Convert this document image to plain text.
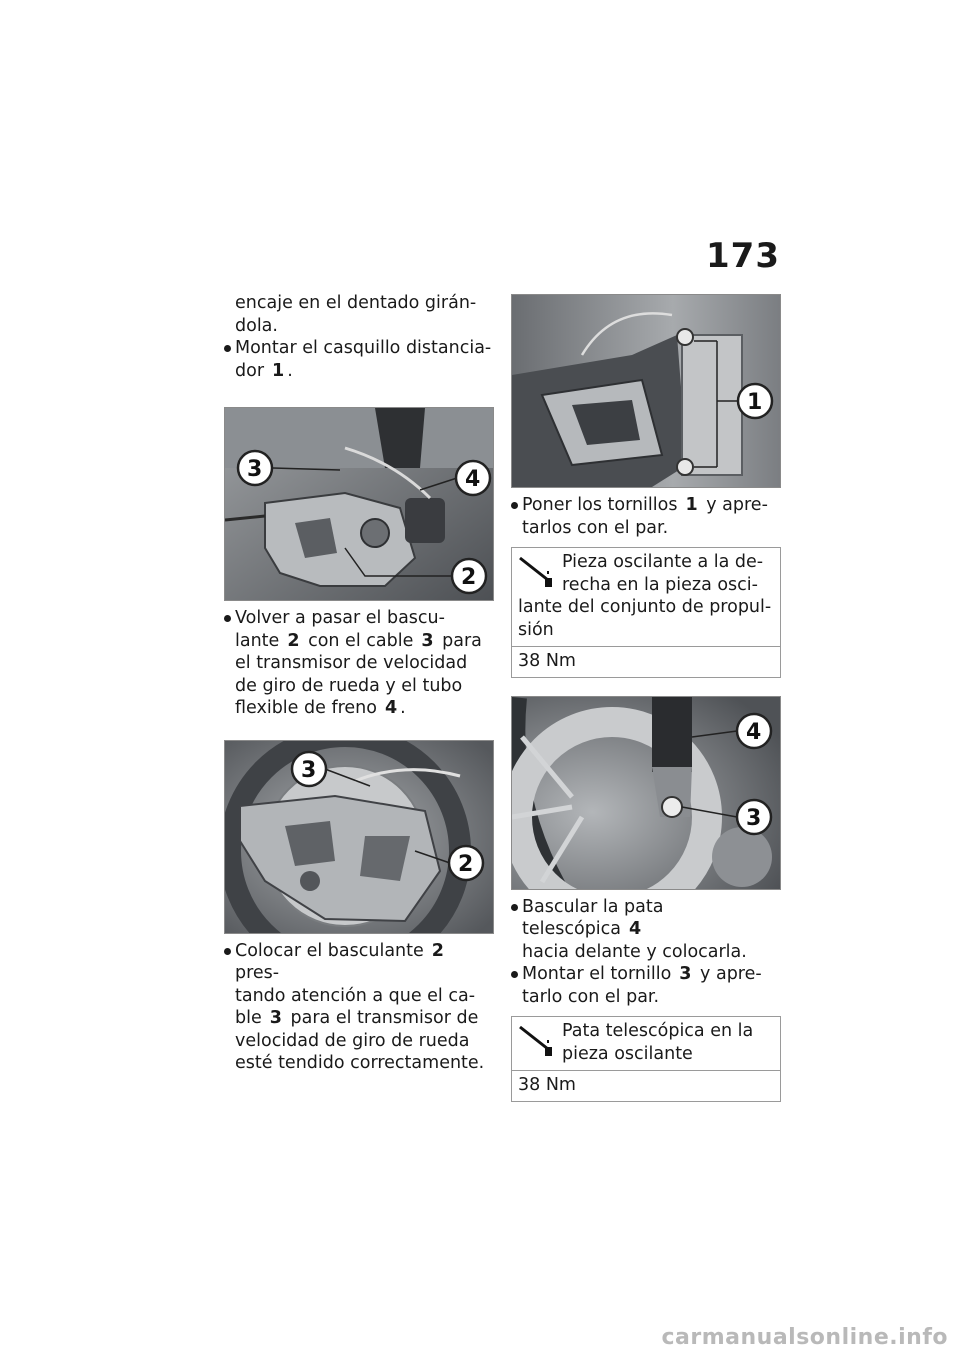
173

encaje en el dentado girán-

dola.

Montar el casquillo distancia-
dor 1 .
3	4
2
Volver a pasar el bascu-
lante 2 con el cable 3 para
el transmisor de velocidad
de giro de rueda y el tubo
flexible de freno 4 .
3
2
Colocar el basculante 2 pres-
tando atención a que el ca-
ble 3 para el transmisor de
velocidad de giro de rueda
esté tendido correctamente.
1
Poner los tornillos 1 y apre-
tarlos con el par.
Pieza oscilante a la de-
recha en la pieza osci-
lante del conjunto de propul-
sión
38 Nm
4
3
Bascular la pata telescópica 4
hacia delante y colocarla.
Montar el tornillo 3 y apre-
tarlo con el par.
Pata telescópica en la
pieza oscilante
38 Nm
carmanualsonline.info
